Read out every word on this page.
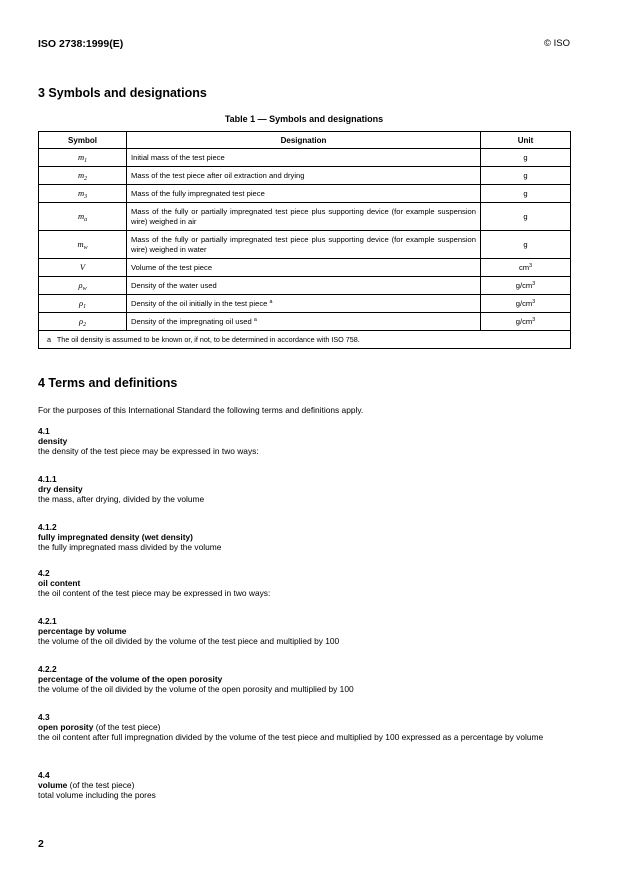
ISO 2738:1999(E)	© ISO
3 Symbols and designations
Table 1 — Symbols and designations
Symbol	Designation	Unit
$m_1$	Initial mass of the test piece	g
$m_2$	Mass of the test piece after oil extraction and drying	g
$m_3$	Mass of the fully impregnated test piece	g
$m_a$	Mass of the fully or partially impregnated test piece plus supporting device (for example suspension wire) weighed in air	g
$m_w$	Mass of the fully or partially impregnated test piece plus supporting device (for example suspension wire) weighed in water	g
V	Volume of the test piece	$cm^3$
$\rho_w$	Density of the water used	$g/cm^3$
$\rho_1$	Density of the oil initially in the test piece $^a$	$g/cm^3$
$\rho_2$	Density of the impregnating oil used $^a$	$g/cm^3$
a The oil density is assumed to be known or, if not, to be determined in accordance with ISO 758.		
4 Terms and definitions
For the purposes of this International Standard the following terms and definitions apply.
4.1
density
the density of the test piece may be expressed in two ways:
4.1.1
dry density
the mass, after drying, divided by the volume
4.1.2
fully impregnated density (wet density)
the fully impregnated mass divided by the volume
4.2
oil content
the oil content of the test piece may be expressed in two ways:
4.2.1
percentage by volume
the volume of the oil divided by the volume of the test piece and multiplied by 100
4.2.2
percentage of the volume of the open porosity
the volume of the oil divided by the volume of the open porosity and multiplied by 100
4.3
open porosity (of the test piece)
the oil content after full impregnation divided by the volume of the test piece and multiplied by 100 expressed as a percentage by volume
4.4
volume (of the test piece)
total volume including the pores
2
